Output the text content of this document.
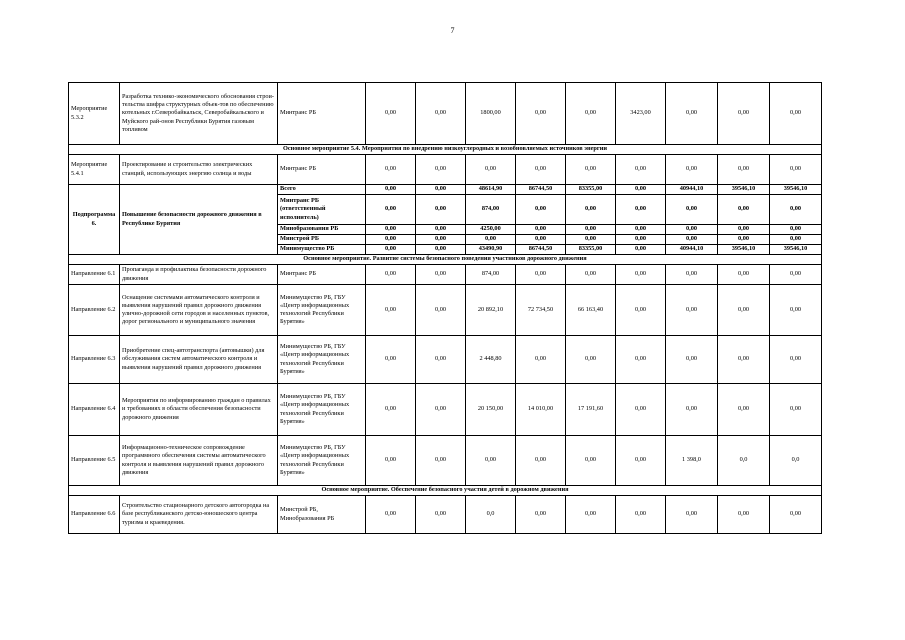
7
Мероприятие 5.3.2	Разработка технико-экономического обоснования строи-тельства шифра структурных объек-тов по обеспечению котельных г.Северобайкальск, Северобайкальского и Муйского рай-онов Республики Бурятия газовым топливом	Минтранс РБ	0,00	0,00	1800,00	0,00	0,00	3423,00	0,00	0,00	0,00
Основное мероприятие 5.4. Мероприятия по внедрению низкоуглеродных и возобновляемых источников энергии											
Мероприятие 5.4.1	Проектирование и строительство электрических станций, использующих энергию солнца и воды	Минтранс РБ	0,00	0,00	0,00	0,00	0,00	0,00	0,00	0,00	0,00
Подпрограмма 6.	Повышение безопасности дорожного движения в Республике Бурятия	Всего	0,00	0,00	48614,90	86744,50	83355,00	0,00	40944,10	39546,10	39546,10
		Минтранс РБ (ответственный исполнитель)	0,00	0,00	874,00	0,00	0,00	0,00	0,00	0,00	0,00
		Минобразования РБ	0,00	0,00	4250,00	0,00	0,00	0,00	0,00	0,00	0,00
		Минстрой РБ	0,00	0,00	0,00	0,00	0,00	0,00	0,00	0,00	0,00
		Минимущество РБ	0,00	0,00	43490,90	86744,50	83355,00	0,00	40944,10	39546,10	39546,10
Основное мероприятие. Развитие системы безопасного поведения участников дорожного движения											
Направление 6.1	Пропаганда и профилактика безопасности дорожного движения	Минтранс РБ	0,00	0,00	874,00	0,00	0,00	0,00	0,00	0,00	0,00
Направление 6.2	Оснащение системами автоматического контроля и выявления нарушений правил дорожного движения улично-дорожной сети городов и населенных пунктов, дорог регионального и муниципального значения	Минимущество РБ, ГБУ «Центр информационных технологий Республики Бурятия»	0,00	0,00	20 892,10	72 734,50	66 163,40	0,00	0,00	0,00	0,00
Направление 6.3	Приобретение спец-автотранспорта (автовышки) для обслуживания систем автоматического контроля и выявления нарушений правил дорожного движения	Минимущество РБ, ГБУ «Центр информационных технологий Республики Бурятия»	0,00	0,00	2 448,80	0,00	0,00	0,00	0,00	0,00	0,00
Направление 6.4	Мероприятия по информированию граждан о правилах и требованиях в области обеспечения безопасности дорожного движения	Минимущество РБ, ГБУ «Центр информационных технологий Республики Бурятия»	0,00	0,00	20 150,00	14 010,00	17 191,60	0,00	0,00	0,00	0,00
Направление 6.5	Информационно-техническое сопровождение программного обеспечения системы автоматического контроля и выявления нарушений правил дорожного движения	Минимущество РБ, ГБУ «Центр информационных технологий Республики Бурятия»	0,00	0,00	0,00	0,00	0,00	0,00	1 398,0	0,0	0,0
Основное мероприятие. Обеспечение безопасного участия детей в дорожном движения											
Направление 6.6	Строительство стационарного детского автогородка на базе республиканского детско-юношеского центра туризма и краеведения.	Минстрой РБ, Минобразования РБ	0,00	0,00	0,0	0,00	0,00	0,00	0,00	0,00	0,00
